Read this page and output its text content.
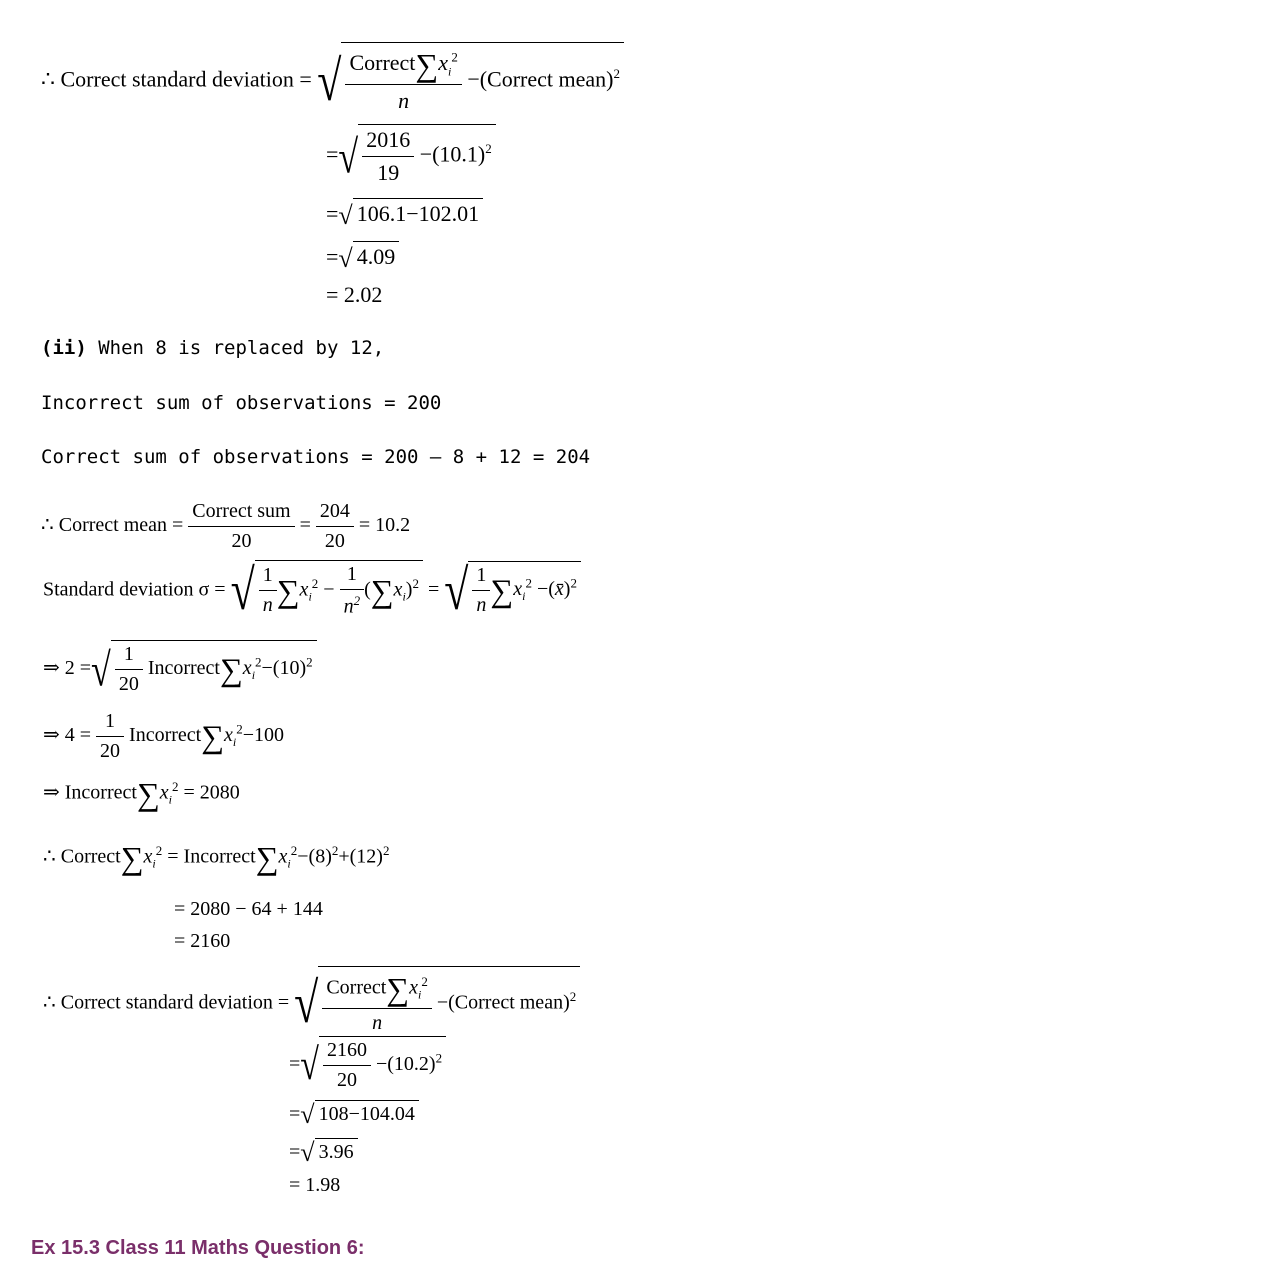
∴ Correct standard deviation = √ $\frac{Correct\sum x_i^2}{n}$ −(Correct mean)$^2$
=√ $\frac{2016}{19} -(10.1)^2$
=√ 106.1−102.01
=√ 4.09
= 2.02
(ii) When 8 is replaced by 12,
Incorrect sum of observations = 200
Correct sum of observations = 200 – 8 + 12 = 204
∴ Correct mean = $\frac{\text{Correct sum}}{20} = \frac{204}{20} = 10.2$
Standard deviation σ = √ $\frac{1}{n} \sum x_i^2 - \frac{1}{n^2} (\sum x_i)^2$ = √ $\frac{1}{n} \sum x_i^2$ −(x̄)$^2$
⇒ 2 =√ $\frac{1}{20}$ $Incorrect\sum x_i^2-(10)^2$
⇒ $4 = \frac{1}{20}$ $Incorrect\sum x_i^2-100$
⇒ $Incorrect\sum x_i^2 = 2080$
∴ $Correct\sum x_i^2$ = $Incorrect\sum x_i^2-(8)^2+(12)^2$
= 2080 − 64 + 144
= 2160
∴ Correct standard deviation = √ $\frac{Correct\sum x_i^2}{n}$ −(Correct mean)$^2$
=√ $\frac{2160}{20} -(10.2)^2$
=√ 108−104.04
=√ 3.96
= 1.98
Ex 15.3 Class 11 Maths Question 6:
